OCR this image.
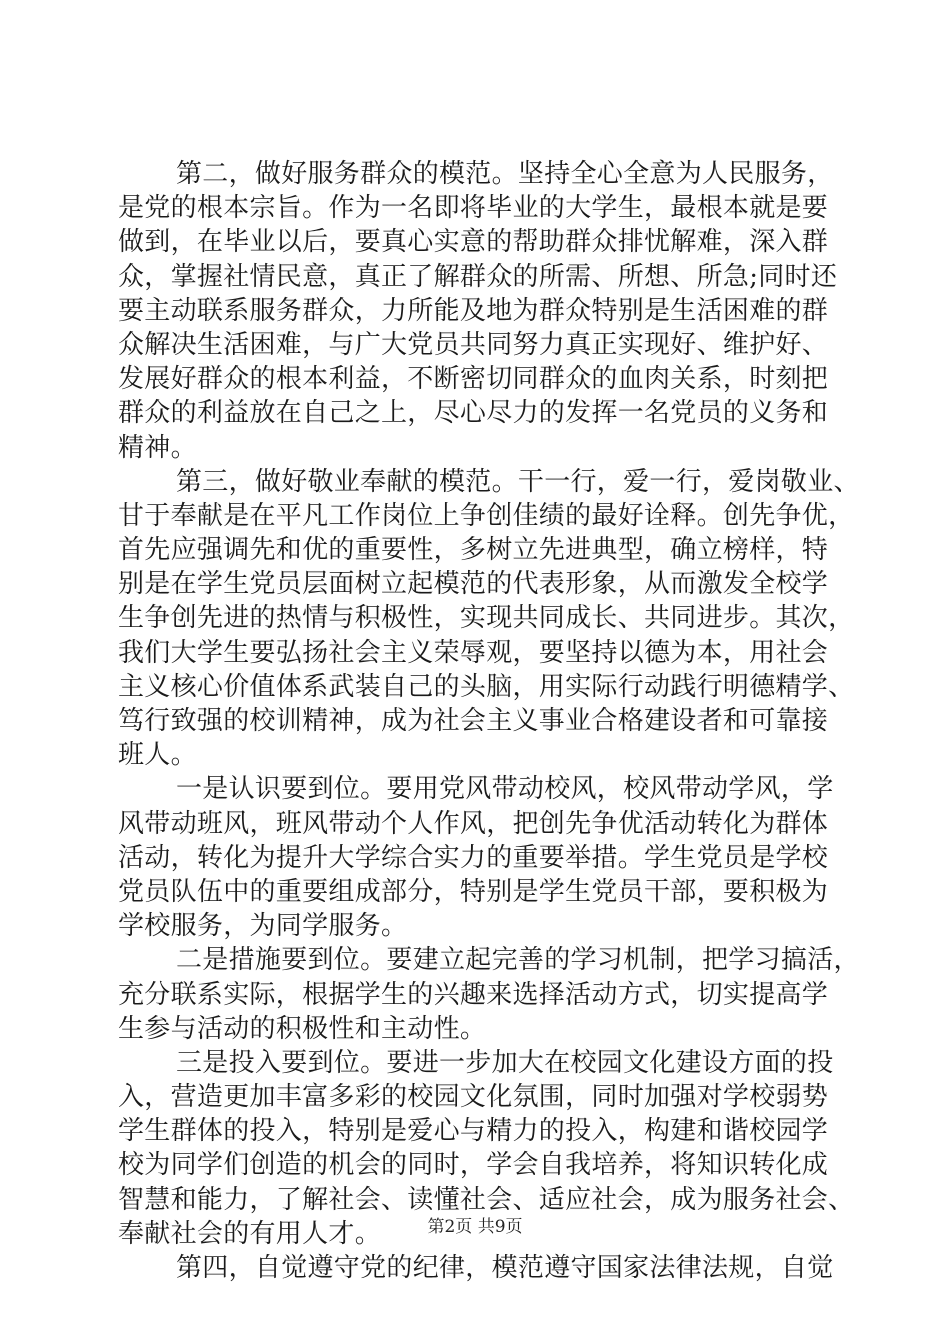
第二，做好服务群众的模范。坚持全心全意为人民服务，
是党的根本宗旨。作为一名即将毕业的大学生，最根本就是要
做到，在毕业以后，要真心实意的帮助群众排忧解难，深入群
众，掌握社情民意，真正了解群众的所需、所想、所急;同时还
要主动联系服务群众，力所能及地为群众特别是生活困难的群
众解决生活困难，与广大党员共同努力真正实现好、维护好、
发展好群众的根本利益，不断密切同群众的血肉关系，时刻把
群众的利益放在自己之上，尽心尽力的发挥一名党员的义务和
精神。
第三，做好敬业奉献的模范。干一行，爱一行，爱岗敬业、
甘于奉献是在平凡工作岗位上争创佳绩的最好诠释。创先争优，
首先应强调先和优的重要性，多树立先进典型，确立榜样，特
别是在学生党员层面树立起模范的代表形象，从而激发全校学
生争创先进的热情与积极性，实现共同成长、共同进步。其次，
我们大学生要弘扬社会主义荣辱观，要坚持以德为本，用社会
主义核心价值体系武装自己的头脑，用实际行动践行明德精学、
笃行致强的校训精神，成为社会主义事业合格建设者和可靠接
班人。
一是认识要到位。要用党风带动校风，校风带动学风，学
风带动班风，班风带动个人作风，把创先争优活动转化为群体
活动，转化为提升大学综合实力的重要举措。学生党员是学校
党员队伍中的重要组成部分，特别是学生党员干部，要积极为
学校服务，为同学服务。
二是措施要到位。要建立起完善的学习机制，把学习搞活，
充分联系实际，根据学生的兴趣来选择活动方式，切实提高学
生参与活动的积极性和主动性。
三是投入要到位。要进一步加大在校园文化建设方面的投
入，营造更加丰富多彩的校园文化氛围，同时加强对学校弱势
学生群体的投入，特别是爱心与精力的投入，构建和谐校园学
校为同学们创造的机会的同时，学会自我培养，将知识转化成
智慧和能力，了解社会、读懂社会、适应社会，成为服务社会、
奉献社会的有用人才。
第四，自觉遵守党的纪律，模范遵守国家法律法规，自觉
第2页 共9页
